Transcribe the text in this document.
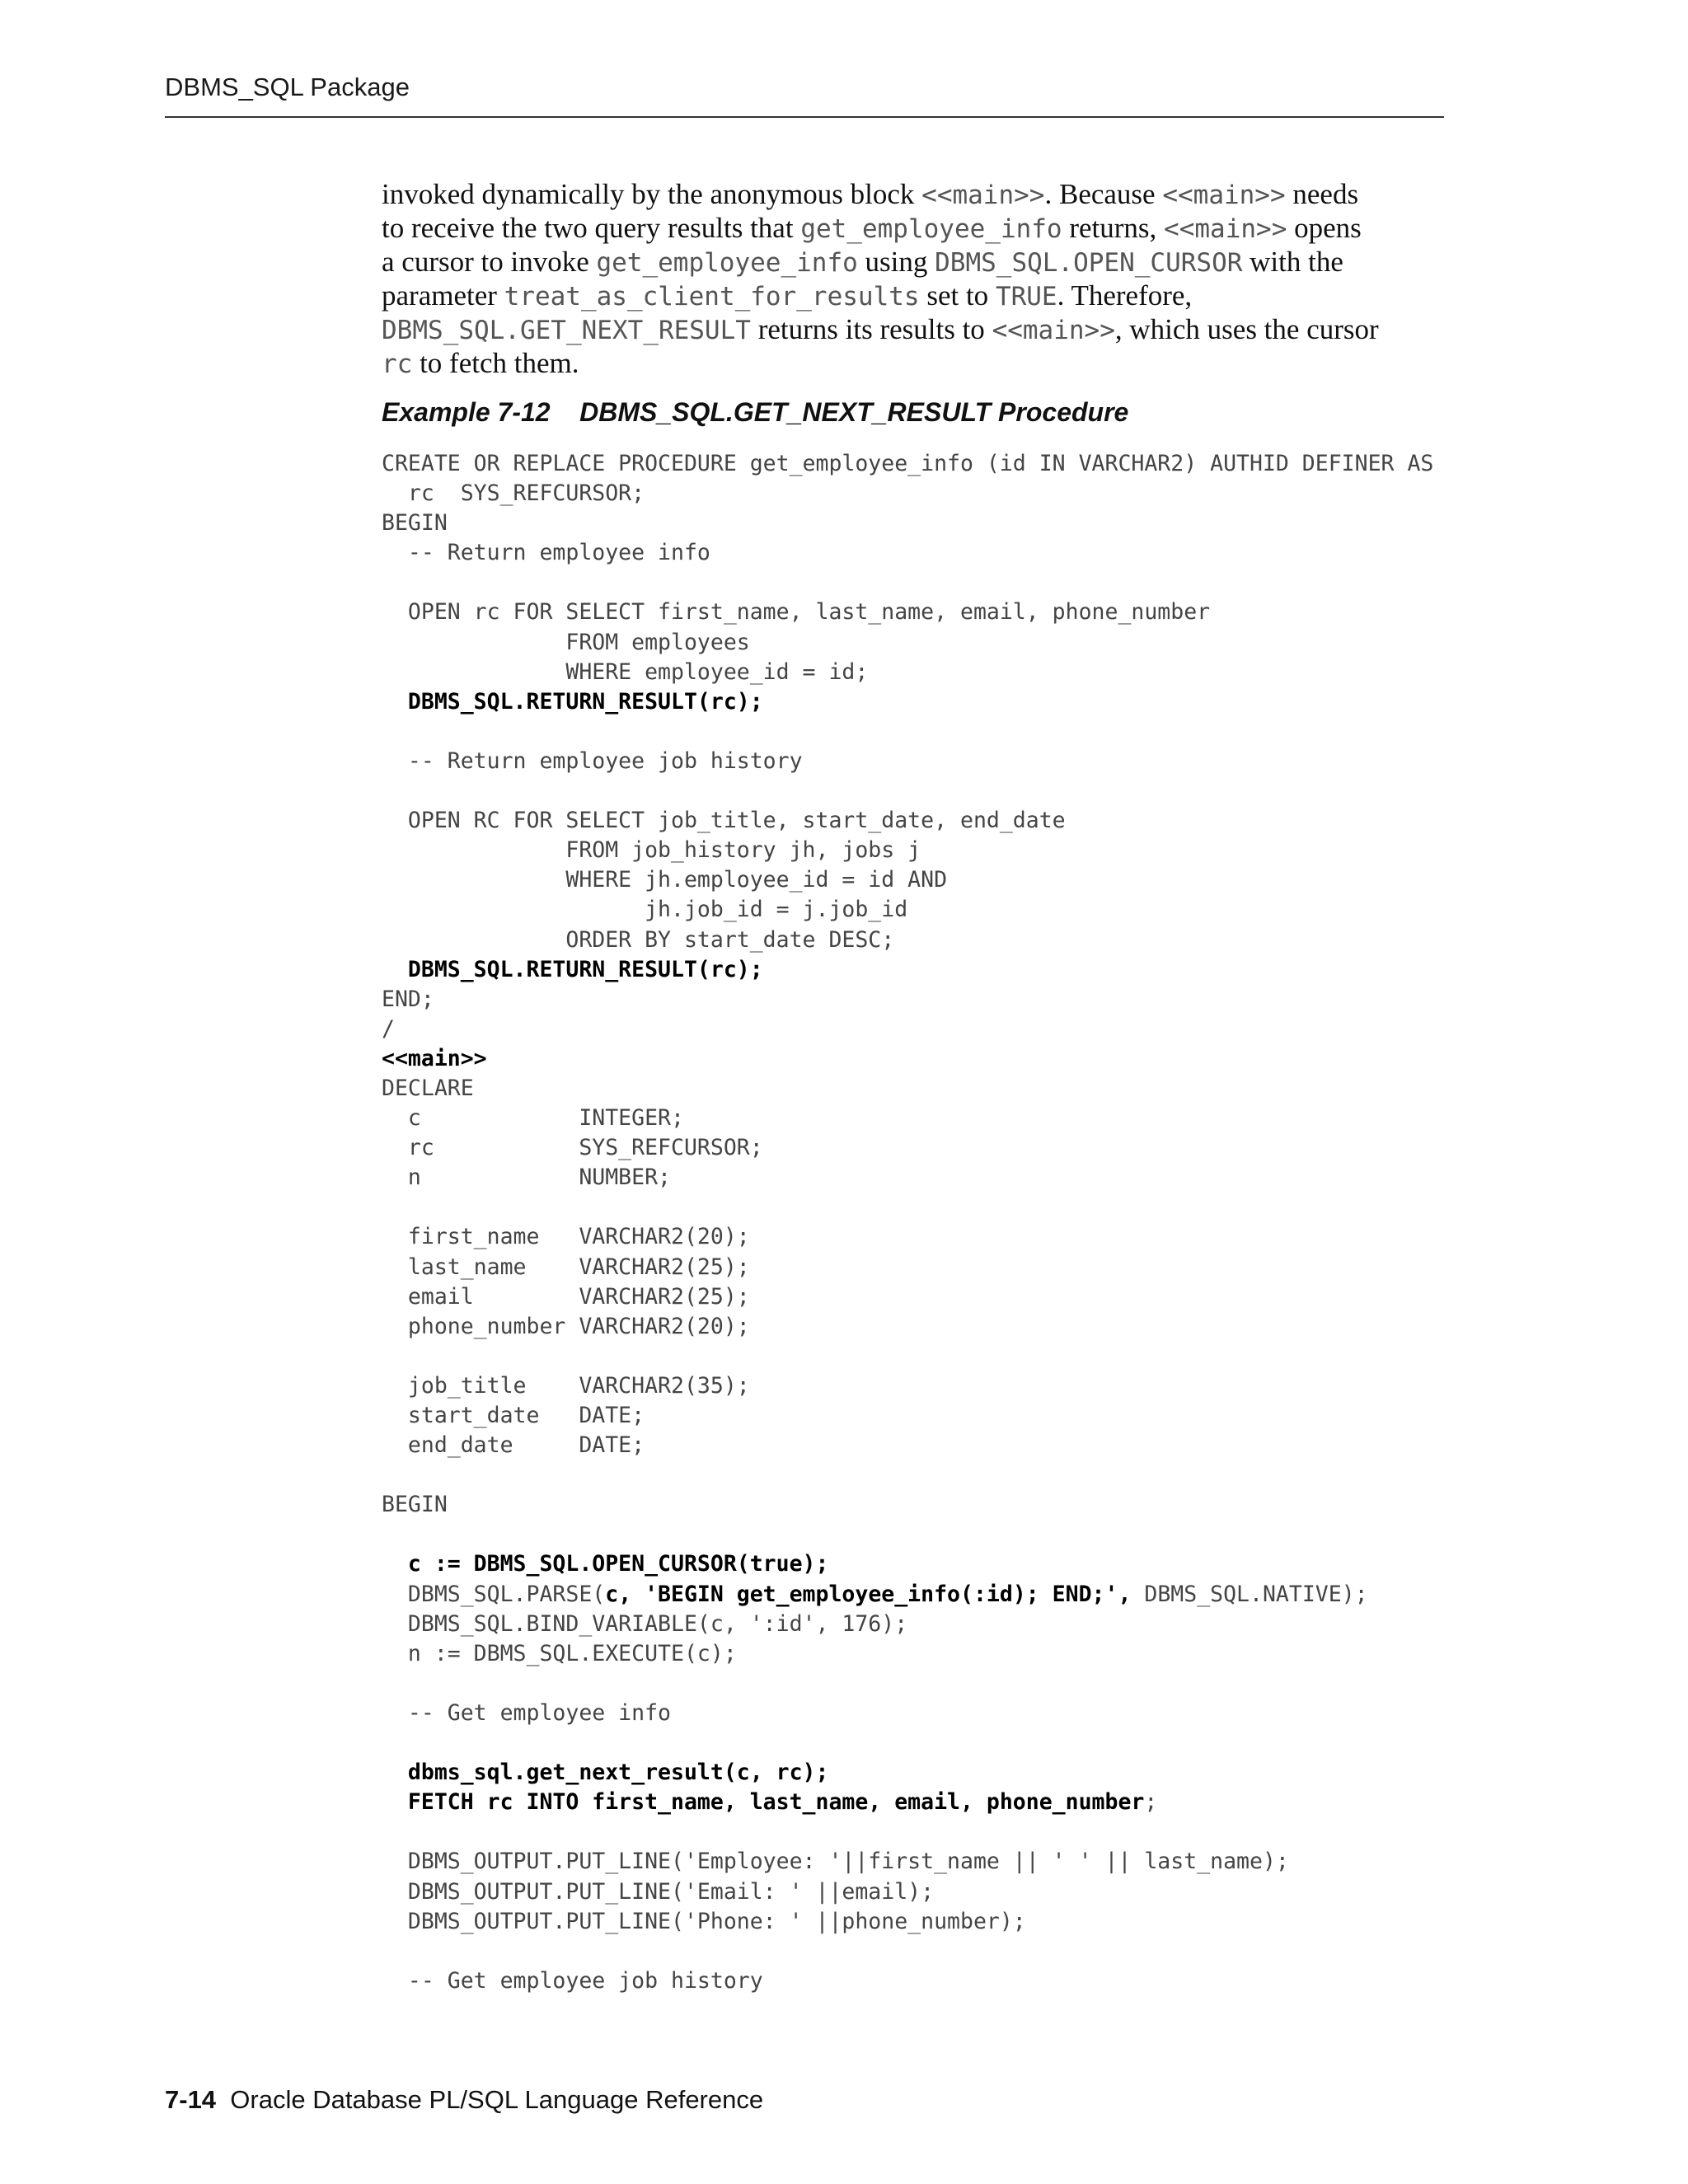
DBMS_SQL Package
invoked dynamically by the anonymous block <<main>>. Because <<main>> needs
to receive the two query results that get_employee_info returns, <<main>> opens
a cursor to invoke get_employee_info using DBMS_SQL.OPEN_CURSOR with the
parameter treat_as_client_for_results set to TRUE. Therefore,
DBMS_SQL.GET_NEXT_RESULT returns its results to <<main>>, which uses the cursor
rc to fetch them.
Example 7-12    DBMS_SQL.GET_NEXT_RESULT Procedure
CREATE OR REPLACE PROCEDURE get_employee_info (id IN VARCHAR2) AUTHID DEFINER AS
rc  SYS_REFCURSOR;
BEGIN
-- Return employee info

OPEN rc FOR SELECT first_name, last_name, email, phone_number
FROM employees
WHERE employee_id = id;
DBMS_SQL.RETURN_RESULT(rc);

-- Return employee job history

OPEN RC FOR SELECT job_title, start_date, end_date
FROM job_history jh, jobs j
WHERE jh.employee_id = id AND
jh.job_id = j.job_id
ORDER BY start_date DESC;
DBMS_SQL.RETURN_RESULT(rc);
END;
/
<<main>>
DECLARE
c            INTEGER;
rc           SYS_REFCURSOR;
n            NUMBER;

first_name   VARCHAR2(20);
last_name    VARCHAR2(25);
email        VARCHAR2(25);
phone_number VARCHAR2(20);

job_title    VARCHAR2(35);
start_date   DATE;
end_date     DATE;

BEGIN

c := DBMS_SQL.OPEN_CURSOR(true);
DBMS_SQL.PARSE(c, 'BEGIN get_employee_info(:id); END;', DBMS_SQL.NATIVE);
DBMS_SQL.BIND_VARIABLE(c, ':id', 176);
n := DBMS_SQL.EXECUTE(c);

-- Get employee info

dbms_sql.get_next_result(c, rc);
FETCH rc INTO first_name, last_name, email, phone_number;

DBMS_OUTPUT.PUT_LINE('Employee: '||first_name || ' ' || last_name);
DBMS_OUTPUT.PUT_LINE('Email: ' ||email);
DBMS_OUTPUT.PUT_LINE('Phone: ' ||phone_number);

-- Get employee job history
7-14 Oracle Database PL/SQL Language Reference
